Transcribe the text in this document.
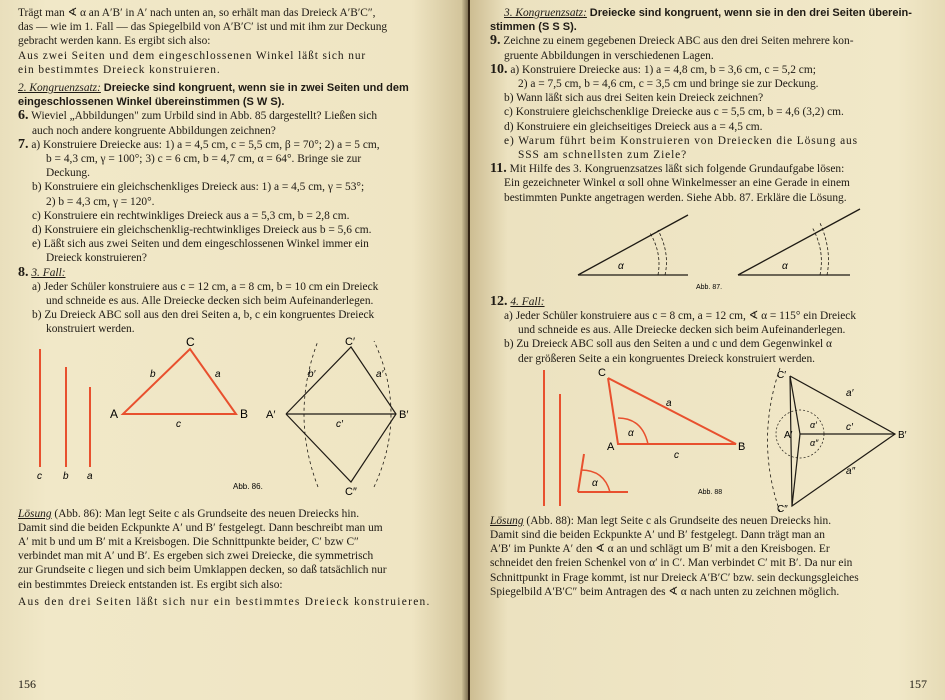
Trägt man ∢ α an A′B′ in A′ nach unten an, so erhält man das Dreieck A′B′C″,

das — wie im 1. Fall — das Spiegelbild von A′B′C′ ist und mit ihm zur Deckung

gebracht werden kann. Es ergibt sich also:

Aus zwei Seiten und dem eingeschlossenen Winkel läßt sich nur

ein bestimmtes Dreieck konstruieren.

2. Kongruenzsatz: Dreiecke sind kongruent, wenn sie in zwei Seiten und dem

eingeschlossenen Winkel übereinstimmen (S W S).

6. Wieviel „Abbildungen" zum Urbild sind in Abb. 85 dargestellt? Ließen sich

auch noch andere kongruente Abbildungen zeichnen?

7. a) Konstruiere Dreiecke aus: 1) a = 4,5 cm, c = 5,5 cm, β = 70°; 2) a = 5 cm,

b = 4,3 cm, γ = 100°; 3) c = 6 cm, b = 4,7 cm, α = 64°. Bringe sie zur

Deckung.

b) Konstruiere ein gleichschenkliges Dreieck aus: 1) a = 4,5 cm, γ = 53°;

2) b = 4,3 cm, γ = 120°.

c) Konstruiere ein rechtwinkliges Dreieck aus a = 5,3 cm, b = 2,8 cm.

d) Konstruiere ein gleichschenklig-rechtwinkliges Dreieck aus b = 5,6 cm.

e) Läßt sich aus zwei Seiten und dem eingeschlossenen Winkel immer ein

Dreieck konstruieren?

8. 3. Fall:

a) Jeder Schüler konstruiere aus c = 12 cm, a = 8 cm, b = 10 cm ein Dreieck

und schneide es aus. Alle Dreiecke decken sich beim Aufeinanderlegen.

b) Zu Dreieck ABC soll aus den drei Seiten a, b, c ein kongruentes Dreieck

konstruiert werden.

c b a
C
A	B
b	a
c
C′
A′	B′
b′	a′
c′
C″
Abb. 86.

Lösung (Abb. 86): Man legt Seite c als Grundseite des neuen Dreiecks hin.

Damit sind die beiden Eckpunkte A′ und B′ festgelegt. Dann beschreibt man um

A′ mit b und um B′ mit a Kreisbogen. Die Schnittpunkte beider, C′ bzw C″

verbindet man mit A′ und B′. Es ergeben sich zwei Dreiecke, die symmetrisch

zur Grundseite c liegen und sich beim Umklappen decken, so daß tatsächlich nur

ein bestimmtes Dreieck entstanden ist. Es ergibt sich also:

Aus den drei Seiten läßt sich nur ein bestimmtes Dreieck konstruieren.

156

3. Kongruenzsatz: Dreiecke sind kongruent, wenn sie in den drei Seiten überein-

stimmen (S S S).

9. Zeichne zu einem gegebenen Dreieck ABC aus den drei Seiten mehrere kon-

gruente Abbildungen in verschiedenen Lagen.

10. a) Konstruiere Dreiecke aus: 1) a = 4,8 cm, b = 3,6 cm, c = 5,2 cm;

2) a = 7,5 cm, b = 4,6 cm, c = 3,5 cm und bringe sie zur Deckung.

b) Wann läßt sich aus drei Seiten kein Dreieck zeichnen?

c) Konstruiere gleichschenklige Dreiecke aus c = 5,5 cm, b = 4,6 (3,2) cm.

d) Konstruiere ein gleichseitiges Dreieck aus a = 4,5 cm.

e) Warum führt beim Konstruieren von Dreiecken die Lösung aus

SSS am schnellsten zum Ziele?

11. Mit Hilfe des 3. Kongruenzsatzes läßt sich folgende Grundaufgabe lösen:

Ein gezeichneter Winkel α soll ohne Winkelmesser an eine Gerade in einem

bestimmten Punkte angetragen werden. Siehe Abb. 87. Erkläre die Lösung.

α	α
Abb. 87.

12. 4. Fall:

a) Jeder Schüler konstruiere aus c = 8 cm, a = 12 cm, ∢ α = 115° ein Dreieck

und schneide es aus. Alle Dreiecke decken sich beim Aufeinanderlegen.

b) Zu Dreieck ABC soll aus den Seiten a und c und dem Gegenwinkel α

der größeren Seite a ein kongruentes Dreieck konstruiert werden.

C
a
α
A
c
B
α
C′
a′
A′
α′
α″
c′
B′
a″
C″
Abb. 88

Lösung (Abb. 88): Man legt Seite c als Grundseite des neuen Dreiecks hin.

Damit sind die beiden Eckpunkte A′ und B′ festgelegt. Dann trägt man an

A′B′ im Punkte A′ den ∢ α an und schlägt um B′ mit a den Kreisbogen. Er

schneidet den freien Schenkel von α′ in C′. Man verbindet C′ mit B′. Da nur ein

Schnittpunkt in Frage kommt, ist nur Dreieck A′B′C′ bzw. sein deckungsgleiches

Spiegelbild A′B′C″ beim Antragen des ∢ α nach unten zu zeichnen möglich.

157
